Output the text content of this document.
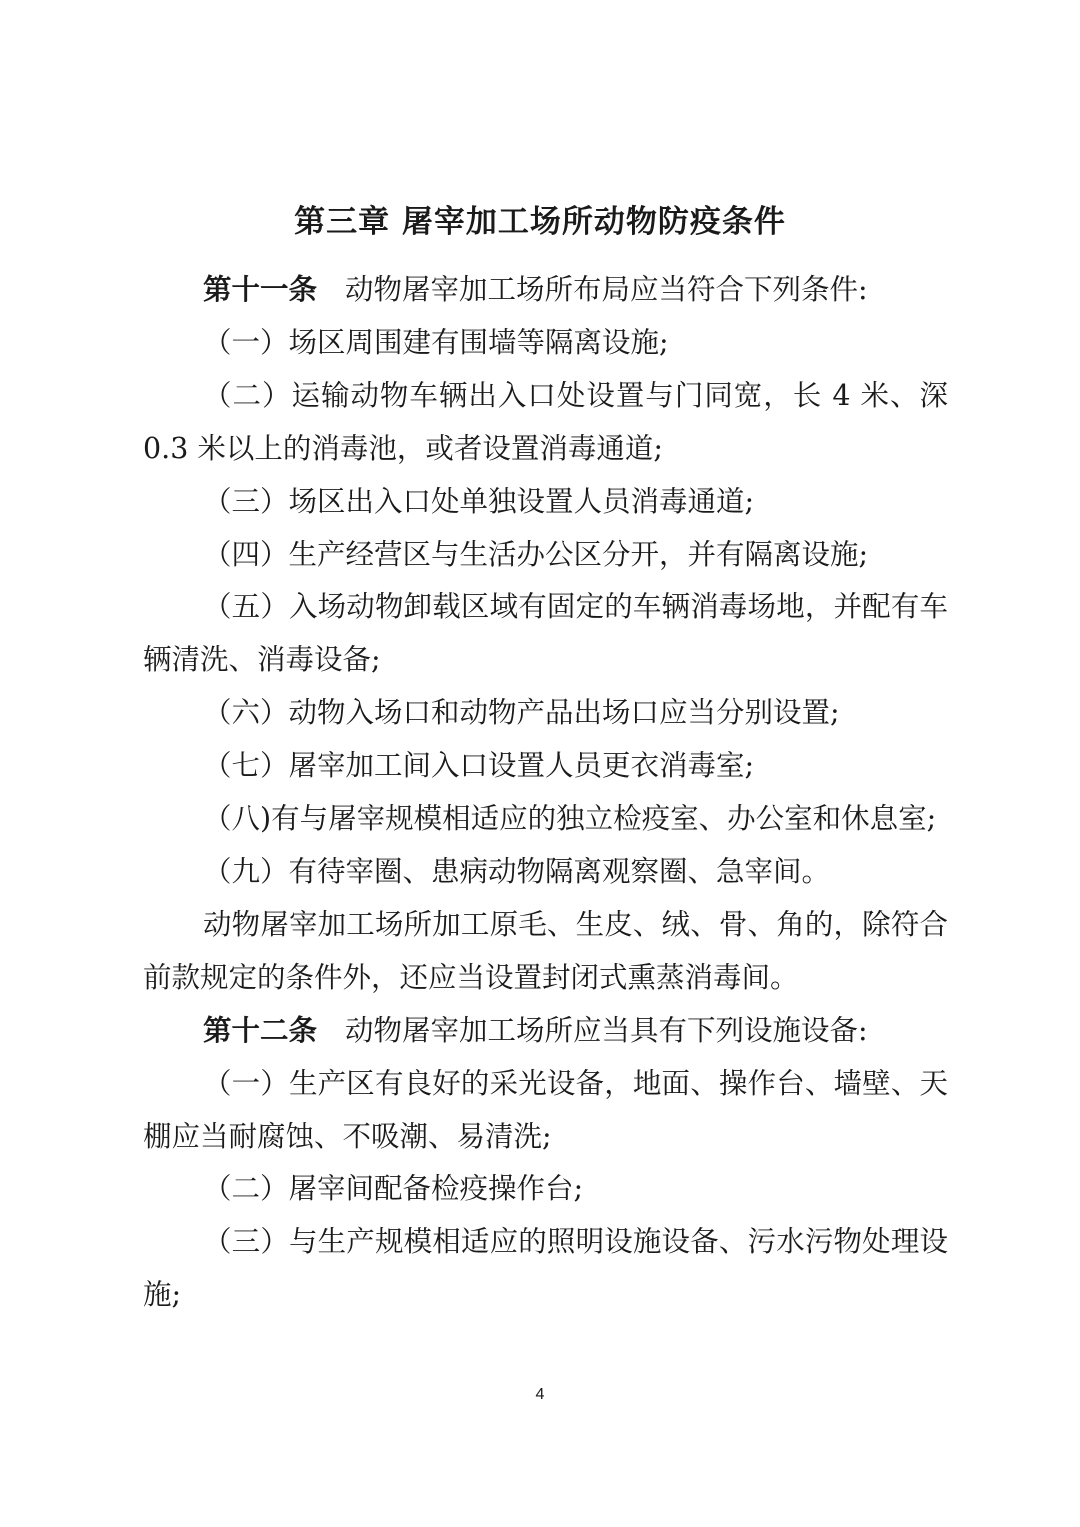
第三章 屠宰加工场所动物防疫条件

第十一条 动物屠宰加工场所布局应当符合下列条件:

（一）场区周围建有围墙等隔离设施;

（二）运输动物车辆出入口处设置与门同宽，长 4 米、深 0.3 米以上的消毒池，或者设置消毒通道;

（三）场区出入口处单独设置人员消毒通道;

（四）生产经营区与生活办公区分开，并有隔离设施;

（五）入场动物卸载区域有固定的车辆消毒场地，并配有车辆清洗、消毒设备;

（六）动物入场口和动物产品出场口应当分别设置;

（七）屠宰加工间入口设置人员更衣消毒室;

（八)有与屠宰规模相适应的独立检疫室、办公室和休息室;

（九）有待宰圈、患病动物隔离观察圈、急宰间。

动物屠宰加工场所加工原毛、生皮、绒、骨、角的，除符合前款规定的条件外，还应当设置封闭式熏蒸消毒间。

第十二条 动物屠宰加工场所应当具有下列设施设备:

（一）生产区有良好的采光设备，地面、操作台、墙壁、天棚应当耐腐蚀、不吸潮、易清洗;

（二）屠宰间配备检疫操作台;

（三）与生产规模相适应的照明设施设备、污水污物处理设施;

4
